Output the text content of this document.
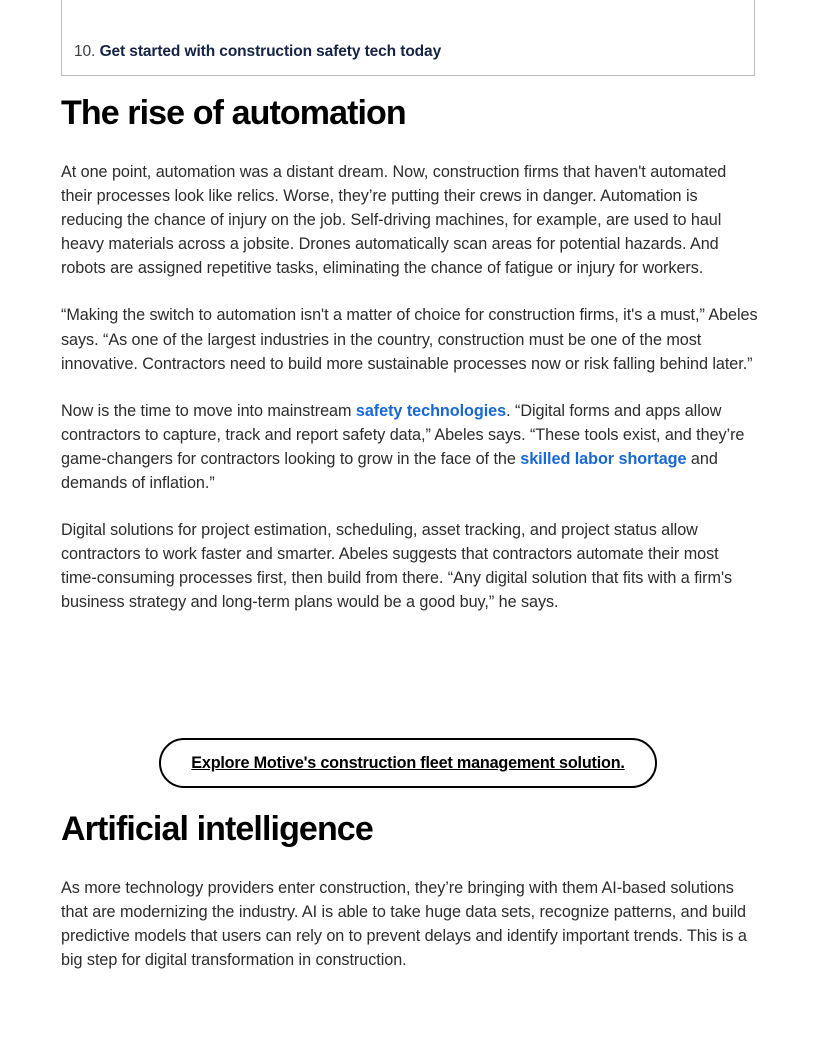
10. Get started with construction safety tech today
The rise of automation

At one point, automation was a distant dream. Now, construction firms that haven't automated their processes look like relics. Worse, they’re putting their crews in danger. Automation is reducing the chance of injury on the job. Self-driving machines, for example, are used to haul heavy materials across a jobsite. Drones automatically scan areas for potential hazards. And robots are assigned repetitive tasks, eliminating the chance of fatigue or injury for workers.

“Making the switch to automation isn't a matter of choice for construction firms, it's a must,” Abeles says. “As one of the largest industries in the country, construction must be one of the most innovative. Contractors need to build more sustainable processes now or risk falling behind later.”

Now is the time to move into mainstream safety technologies. “Digital forms and apps allow contractors to capture, track and report safety data,” Abeles says. “These tools exist, and they’re game-changers for contractors looking to grow in the face of the skilled labor shortage and demands of inflation.”

Digital solutions for project estimation, scheduling, asset tracking, and project status allow contractors to work faster and smarter. Abeles suggests that contractors automate their most time-consuming processes first, then build from there. “Any digital solution that fits with a firm's business strategy and long-term plans would be a good buy,” he says.

Explore Motive's construction fleet management solution.
Artificial intelligence

As more technology providers enter construction, they’re bringing with them AI-based solutions that are modernizing the industry. AI is able to take huge data sets, recognize patterns, and build predictive models that users can rely on to prevent delays and identify important trends. This is a big step for digital transformation in construction.
